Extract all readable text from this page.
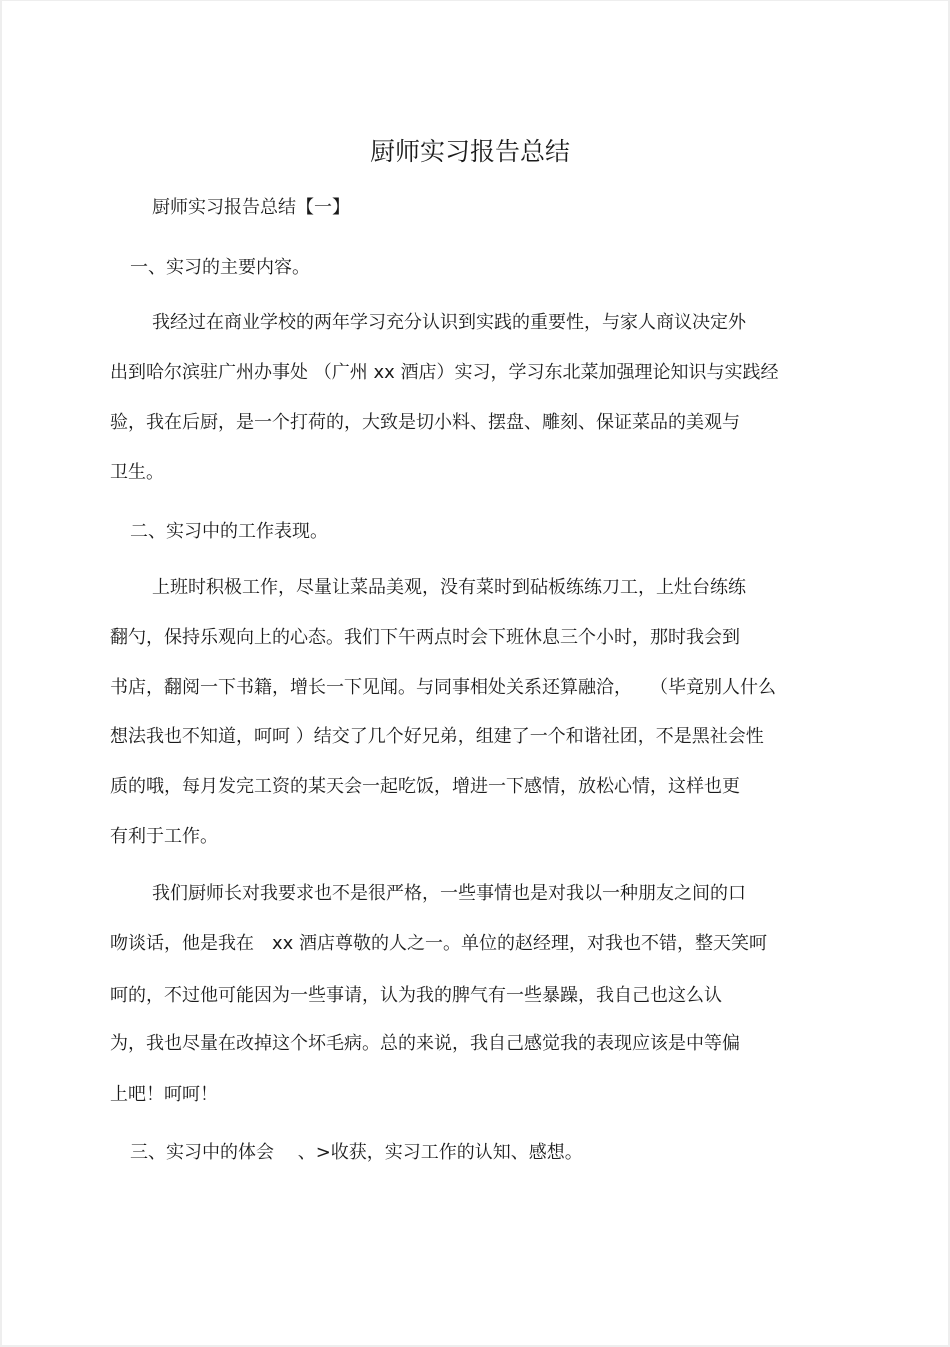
厨师实习报告总结
厨师实习报告总结【一】
一、实习的主要内容。
我经过在商业学校的两年学习充分认识到实践的重要性，与家人商议决定外
出到哈尔滨驻广州办事处 （广州 xx 酒店）实习，学习东北菜加强理论知识与实践经
验，我在后厨，是一个打荷的，大致是切小料、摆盘、雕刻、保证菜品的美观与
卫生。
二、实习中的工作表现。
上班时积极工作，尽量让菜品美观，没有菜时到砧板练练刀工，上灶台练练
翻勺，保持乐观向上的心态。我们下午两点时会下班休息三个小时，那时我会到
书店，翻阅一下书籍，增长一下见闻。与同事相处关系还算融洽，　　（毕竟别人什么
想法我也不知道，呵呵 ）结交了几个好兄弟，组建了一个和谐社团，不是黑社会性
质的哦，每月发完工资的某天会一起吃饭，增进一下感情，放松心情，这样也更
有利于工作。
我们厨师长对我要求也不是很严格，一些事情也是对我以一种朋友之间的口
吻谈话，他是我在　xx 酒店尊敬的人之一。单位的赵经理，对我也不错，整天笑呵
呵的，不过他可能因为一些事请，认为我的脾气有一些暴躁，我自己也这么认
为，我也尽量在改掉这个坏毛病。总的来说，我自己感觉我的表现应该是中等偏
上吧！呵呵！
三、实习中的体会　 、>收获，实习工作的认知、感想。
